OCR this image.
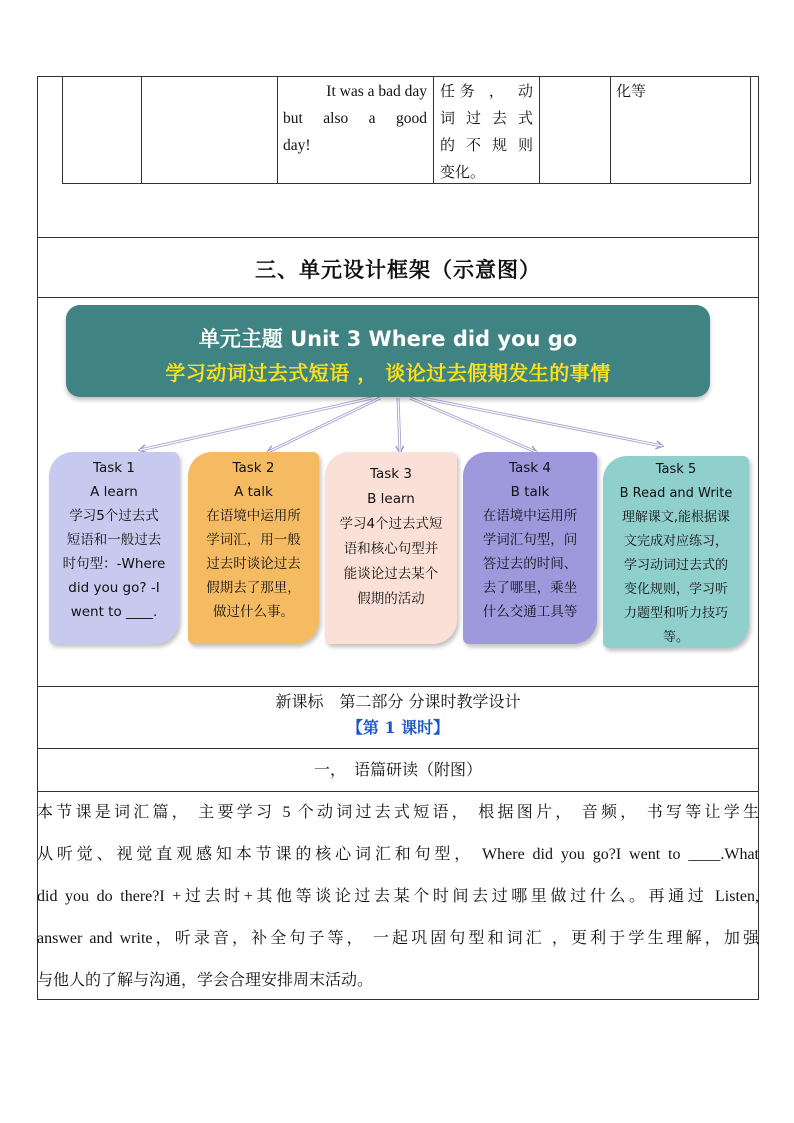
It was a bad day
but also a good
day!
任务 ， 动
词 过 去 式
的 不 规 则
变化。
化等
三、单元设计框架（示意图）
单元主题 Unit 3 Where did you go
学习动词过去式短语 ， 谈论过去假期发生的事情
Task 1
A learn
学习5个过去式
短语和一般过去
时句型：-Where
did you go? -I
went to ____.
Task 2
A talk
在语境中运用所
学词汇，用一般
过去时谈论过去
假期去了那里，
做过什么事。
Task 3
B learn
学习4个过去式短
语和核心句型并
能谈论过去某个
假期的活动
Task 4
B talk
在语境中运用所
学词汇句型，问
答过去的时间、
去了哪里，乘坐
什么交通工具等
Task 5
B Read and Write
理解课文,能根据课
文完成对应练习，
学习动词过去式的
变化规则，学习听
力题型和听力技巧
等。
新课标　第二部分 分课时教学设计
【第 1 课时】
一，　语篇研读（附图）
本节课是词汇篇， 主要学习 5 个动词过去式短语， 根据图片， 音频， 书写等让学生
从听觉、视觉直观感知本节课的核心词汇和句型， Where did you go?I went to ____.What
did you do there?I +过去时+其他等谈论过去某个时间去过哪里做过什么。再通过 Listen,
answer and write，听录音，补全句子等， 一起巩固句型和词汇 ，更利于学生理解，加强
与他人的了解与沟通，学会合理安排周末活动。
